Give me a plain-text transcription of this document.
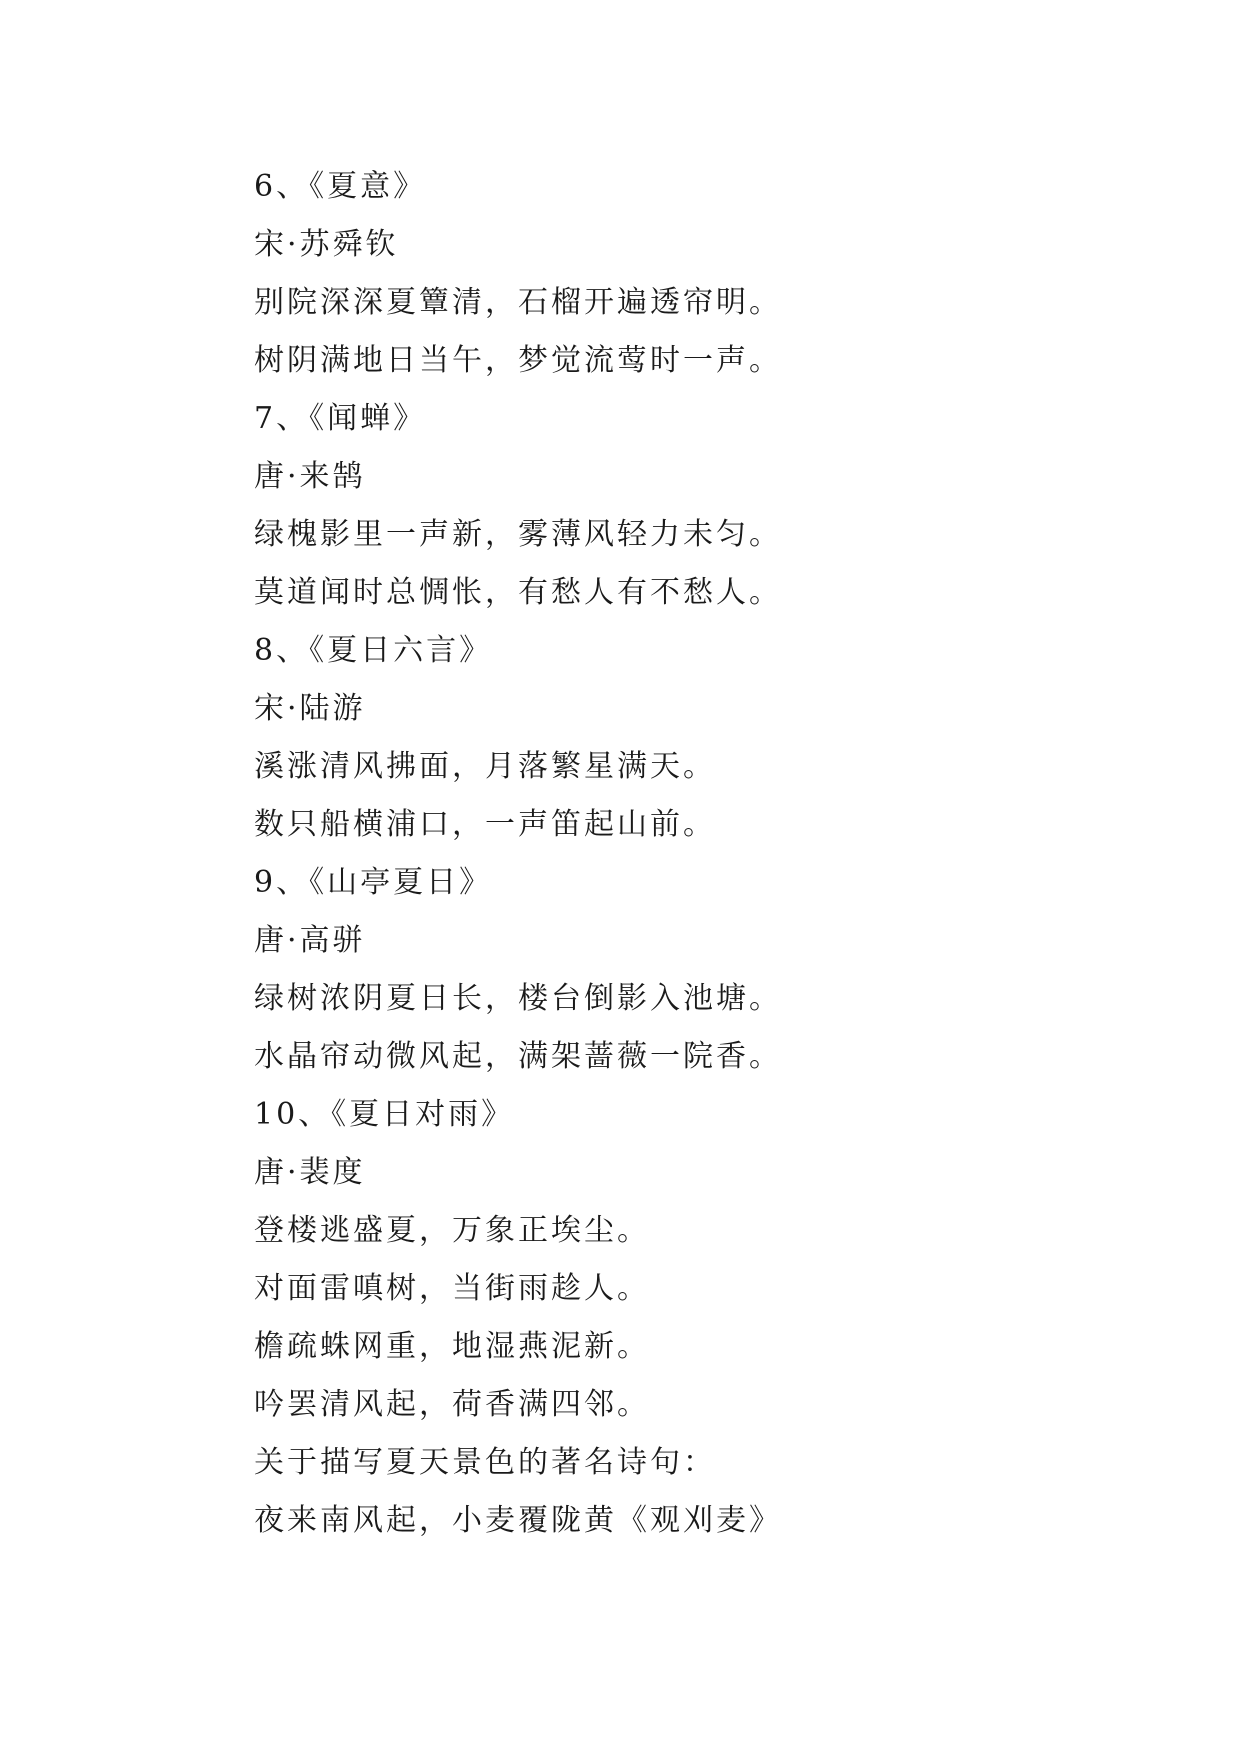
6、《夏意》
宋·苏舜钦
别院深深夏簟清，石榴开遍透帘明。
树阴满地日当午，梦觉流莺时一声。
7、《闻蝉》
唐·来鹄
绿槐影里一声新，雾薄风轻力未匀。
莫道闻时总惆怅，有愁人有不愁人。
8、《夏日六言》
宋·陆游
溪涨清风拂面，月落繁星满天。
数只船横浦口，一声笛起山前。
9、《山亭夏日》
唐·高骈
绿树浓阴夏日长，楼台倒影入池塘。
水晶帘动微风起，满架蔷薇一院香。
10、《夏日对雨》
唐·裴度
登楼逃盛夏，万象正埃尘。
对面雷嗔树，当街雨趁人。
檐疏蛛网重，地湿燕泥新。
吟罢清风起，荷香满四邻。
关于描写夏天景色的著名诗句：
夜来南风起，小麦覆陇黄《观刈麦》
